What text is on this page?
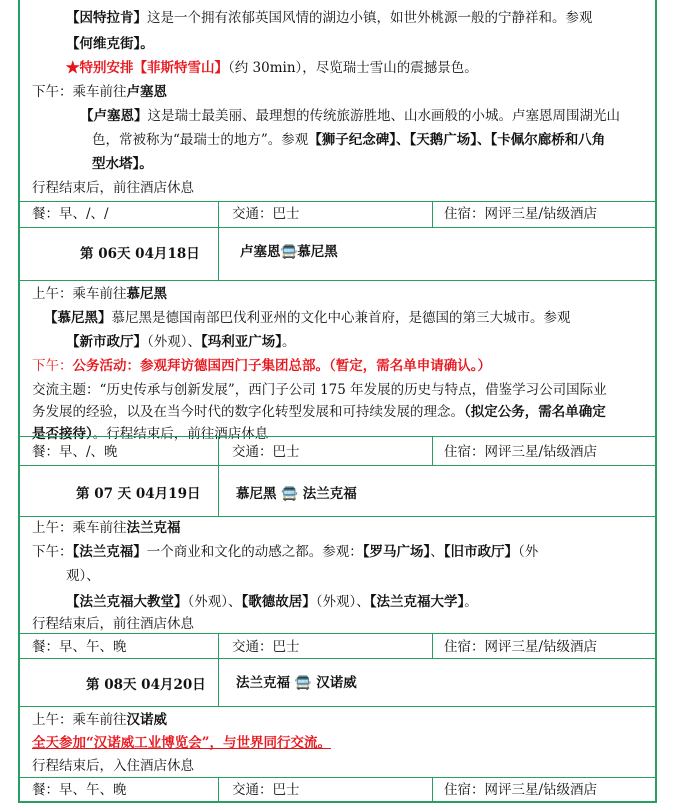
【因特拉肯】这是一个拥有浓郁英国风情的湖边小镇，如世外桃源一般的宁静祥和。参观
【何维克街】。
★特别安排【菲斯特雪山】（约 30min），尽览瑞士雪山的震撼景色。
下午：乘车前往卢塞恩
【卢塞恩】这是瑞士最美丽、最理想的传统旅游胜地、山水画般的小城。卢塞恩周围湖光山
色，常被称为“最瑞士的地方”。参观【狮子纪念碑】、【天鹅广场】、【卡佩尔廊桥和八角
型水塔】。
行程结束后，前往酒店休息
餐：早、/、/	交通：巴士	住宿：网评三星/钻级酒店
第 06天 04月18日	卢塞恩🚍慕尼黑
上午：乘车前往慕尼黑
【慕尼黑】慕尼黑是德国南部巴伐利亚州的文化中心兼首府，是德国的第三大城市。参观
【新市政厅】（外观）、【玛利亚广场】。
下午：公务活动：参观拜访德国西门子集团总部。（暂定，需名单申请确认。）
交流主题：“历史传承与创新发展”，西门子公司 175 年发展的历史与特点，借鉴学习公司国际业
务发展的经验，以及在当今时代的数字化转型发展和可持续发展的理念。（拟定公务，需名单确定
是否接待）。行程结束后，前往酒店休息
餐：早、/、晚	交通：巴士	住宿：网评三星/钻级酒店
第 07 天 04月19日	慕尼黑 🚍 法兰克福
上午：乘车前往法兰克福
下午：【法兰克福】一个商业和文化的动感之都。参观：【罗马广场】、【旧市政厅】（外
观）、
【法兰克福大教堂】（外观）、【歌德故居】（外观）、【法兰克福大学】。
行程结束后，前往酒店休息
餐：早、午、晚	交通：巴士	住宿：网评三星/钻级酒店
第 08天 04月20日 法兰克福 🚍 汉诺威
上午：乘车前往汉诺威
全天参加“汉诺威工业博览会”，与世界同行交流。
行程结束后，入住酒店休息
餐：早、午、晚	交通：巴士	住宿：网评三星/钻级酒店
